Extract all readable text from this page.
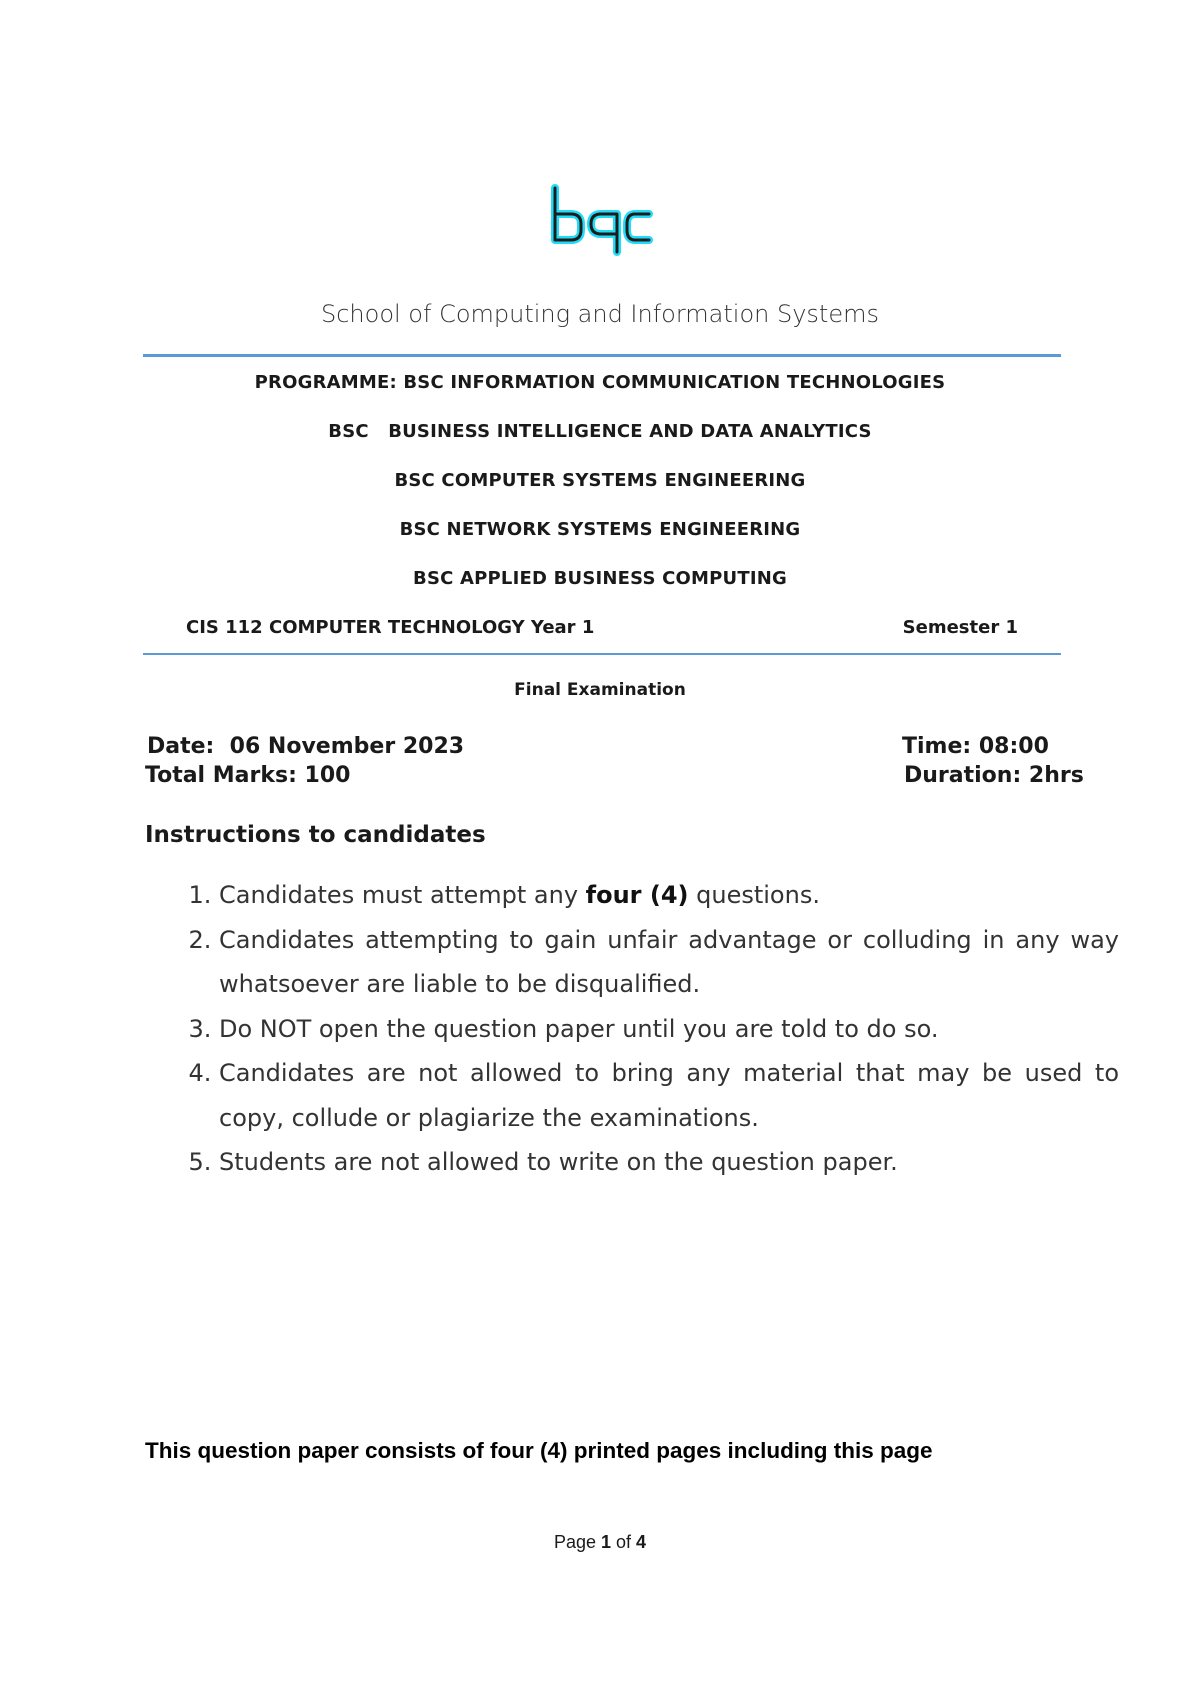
School of Computing and Information Systems
PROGRAMME: BSC INFORMATION COMMUNICATION TECHNOLOGIES
BSC   BUSINESS INTELLIGENCE AND DATA ANALYTICS
BSC COMPUTER SYSTEMS ENGINEERING
BSC NETWORK SYSTEMS ENGINEERING
BSC APPLIED BUSINESS COMPUTING
CIS 112 COMPUTER TECHNOLOGY Year 1	Semester 1
Final Examination
Date:  06 November 2023	Time: 08:00
Total Marks: 100	Duration: 2hrs
Instructions to candidates
1. Candidates must attempt any four (4) questions.
2. Candidates attempting to gain unfair advantage or colluding in any way whatsoever are liable to be disqualified.
3. Do NOT open the question paper until you are told to do so.
4. Candidates are not allowed to bring any material that may be used to copy, collude or plagiarize the examinations.
5. Students are not allowed to write on the question paper.
This question paper consists of four (4) printed pages including this page
Page 1 of 4
